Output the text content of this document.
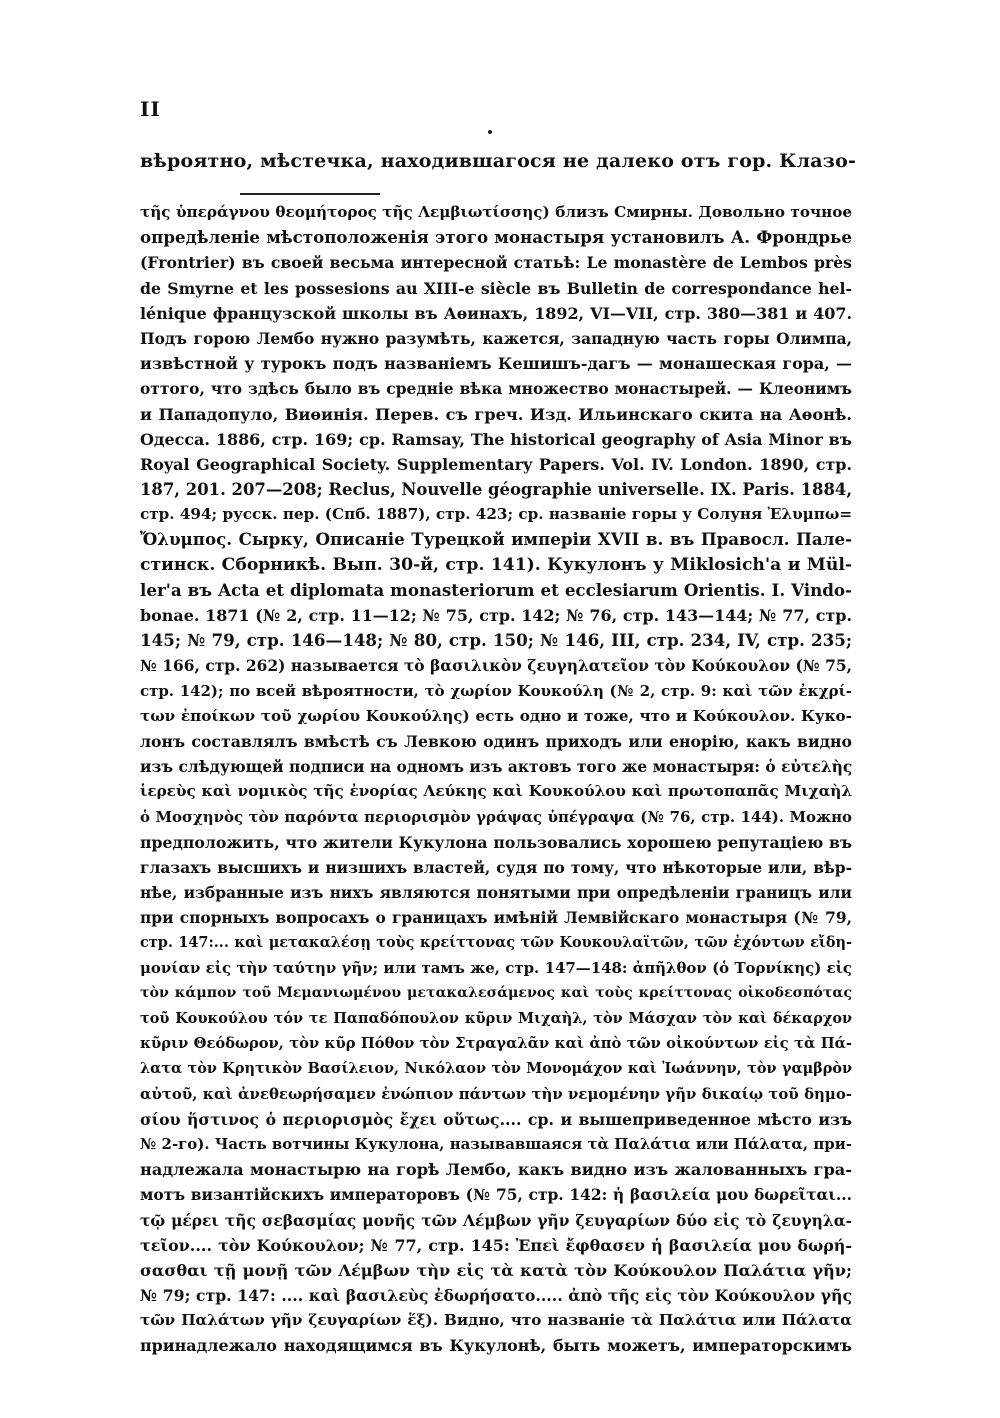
II
вѣроятно, мѣстечка, находившагося не далеко отъ гор. Клазо-
τῆς ὑπεράγνου θεομήτορος τῆς Λεμβιωτίσσης) близъ Смирны. Довольно точное
опредѣленіе мѣстоположенія этого монастыря установилъ А. Фрондрье
(Frontrier) въ своей весьма интересной статьѣ: Le monastère de Lembos près
de Smyrne et les possesions au XIII-e siècle въ Bulletin de correspondance hel-
lénique французской школы въ Аѳинахъ, 1892, VI—VII, стр. 380—381 и 407.
Подъ горою Лембо нужно разумѣть, кажется, западную часть горы Олимпа,
извѣстной у турокъ подъ названіемъ Кешишъ-дагъ — монашеская гора, —
оттого, что здѣсь было въ средніе вѣка множество монастырей. — Клеонимъ
и Пападопуло, Виѳинія. Перев. съ греч. Изд. Ильинскаго скита на Аѳонѣ.
Одесса. 1886, стр. 169; ср. Ramsay, The historical geography of Asia Minor въ
Royal Geographical Society. Supplementary Papers. Vol. IV. London. 1890, стр.
187, 201. 207—208; Reclus, Nouvelle géographie universelle. IX. Paris. 1884,
стр. 494; русск. пер. (Спб. 1887), стр. 423; ср. названіе горы у Солуня Ἐλυμπω=
Ὄλυμπος. Сырку, Описаніе Турецкой имперіи XVII в. въ Правосл. Пале-
стинск. Сборникѣ. Вып. 30-й, стр. 141). Кукулонъ у Miklosich'а и Mül-
ler'а въ Acta et diplomata monasteriorum et ecclesiarum Orientis. I. Vindo-
bonae. 1871 (№ 2, стр. 11—12; № 75, стр. 142; № 76, стр. 143—144; № 77, стр.
145; № 79, стр. 146—148; № 80, стр. 150; № 146, III, стр. 234, IV, стр. 235;
№ 166, стр. 262) называется τὸ βασιλικὸν ζευγηλατεῖον τὸν Κούκουλον (№ 75,
стр. 142); по всей вѣроятности, τὸ χωρίον Κουκούλη (№ 2, стр. 9: καὶ τῶν ἐκχρί-
των ἐποίκων τοῦ χωρίου Κουκούλης) есть одно и тоже, что и Κούκουλον. Куко-
лонъ составлялъ вмѣстѣ съ Левкою одинъ приходъ или енорію, какъ видно
изъ слѣдующей подписи на одномъ изъ актовъ того же монастыря: ὁ εὐτελὴς
ἱερεὺς καὶ νομικὸς τῆς ἐνορίας Λεύκης καὶ Κουκούλου καὶ πρωτοπαπᾶς Μιχαὴλ
ὁ Μοσχηνὸς τὸν παρόντα περιορισμὸν γράψας ὑπέγραψα (№ 76, стр. 144). Можно
предположить, что жители Кукулона пользовались хорошею репутаціею въ
глазахъ высшихъ и низшихъ властей, судя по тому, что нѣкоторые или, вѣр-
нѣе, избранные изъ нихъ являются понятыми при опредѣленіи границъ или
при спорныхъ вопросахъ о границахъ имѣній Лемвійскаго монастыря (№ 79,
стр. 147:... καὶ μετακαλέσῃ τοὺς κρείττονας τῶν Κουκουλαϊτῶν, τῶν ἐχόντων εἴδη-
μονίαν εἰς τὴν ταύτην γῆν; или тамъ же, стр. 147—148: ἀπῆλθον (ὁ Τορνίκης) εἰς
τὸν κάμπον τοῦ Μεμανιωμένου μετακαλεσάμενος καὶ τοὺς κρείττονας οἰκοδεσπότας
τοῦ Κουκούλου τόν τε Παπαδόπουλον κῦριν Μιχαὴλ, τὸν Μάσχαν τὸν καὶ δέκαρχον
κῦριν Θεόδωρον, τὸν κῦρ Πόθον τὸν Στραγαλᾶν καὶ ἀπὸ τῶν οἰκούντων εἰς τὰ Πά-
λατα τὸν Κρητικὸν Βασίλειον, Νικόλαον τὸν Μονομάχον καὶ Ἰωάννην, τὸν γαμβρὸν
αὐτοῦ, καὶ ἀνεθεωρήσαμεν ἐνώπιον πάντων τὴν νεμομένην γῆν δικαίῳ τοῦ δημο-
σίου ἥστινος ὁ περιορισμὸς ἔχει οὕτως.... ср. и вышеприведенное мѣсто изъ
№ 2-го). Часть вотчины Кукулона, называвшаяся τὰ Παλάτια или Πάλατα, при-
надлежала монастырю на горѣ Лембо, какъ видно изъ жалованныхъ гра-
мотъ византійскихъ императоровъ (№ 75, стр. 142: ἡ βασιλεία μου δωρεῖται...
τῷ μέρει τῆς σεβασμίας μονῆς τῶν Λέμβων γῆν ζευγαρίων δύο εἰς τὸ ζευγηλα-
τεῖον.... τὸν Κούκουλον; № 77, стр. 145: Ἐπεὶ ἔφθασεν ἡ βασιλεία μου δωρή-
σασθαι τῇ μονῇ τῶν Λέμβων τὴν εἰς τὰ κατὰ τὸν Κούκουλον Παλάτια γῆν;
№ 79; стр. 147: .... καὶ βασιλεὺς ἐδωρήσατο..... ἀπὸ τῆς εἰς τὸν Κούκουλον γῆς
τῶν Παλάτων γῆν ζευγαρίων ἕξ). Видно, что названіе τὰ Παλάτια или Πάλατα
принадлежало находящимся въ Кукулонѣ, быть можетъ, императорскимъ
